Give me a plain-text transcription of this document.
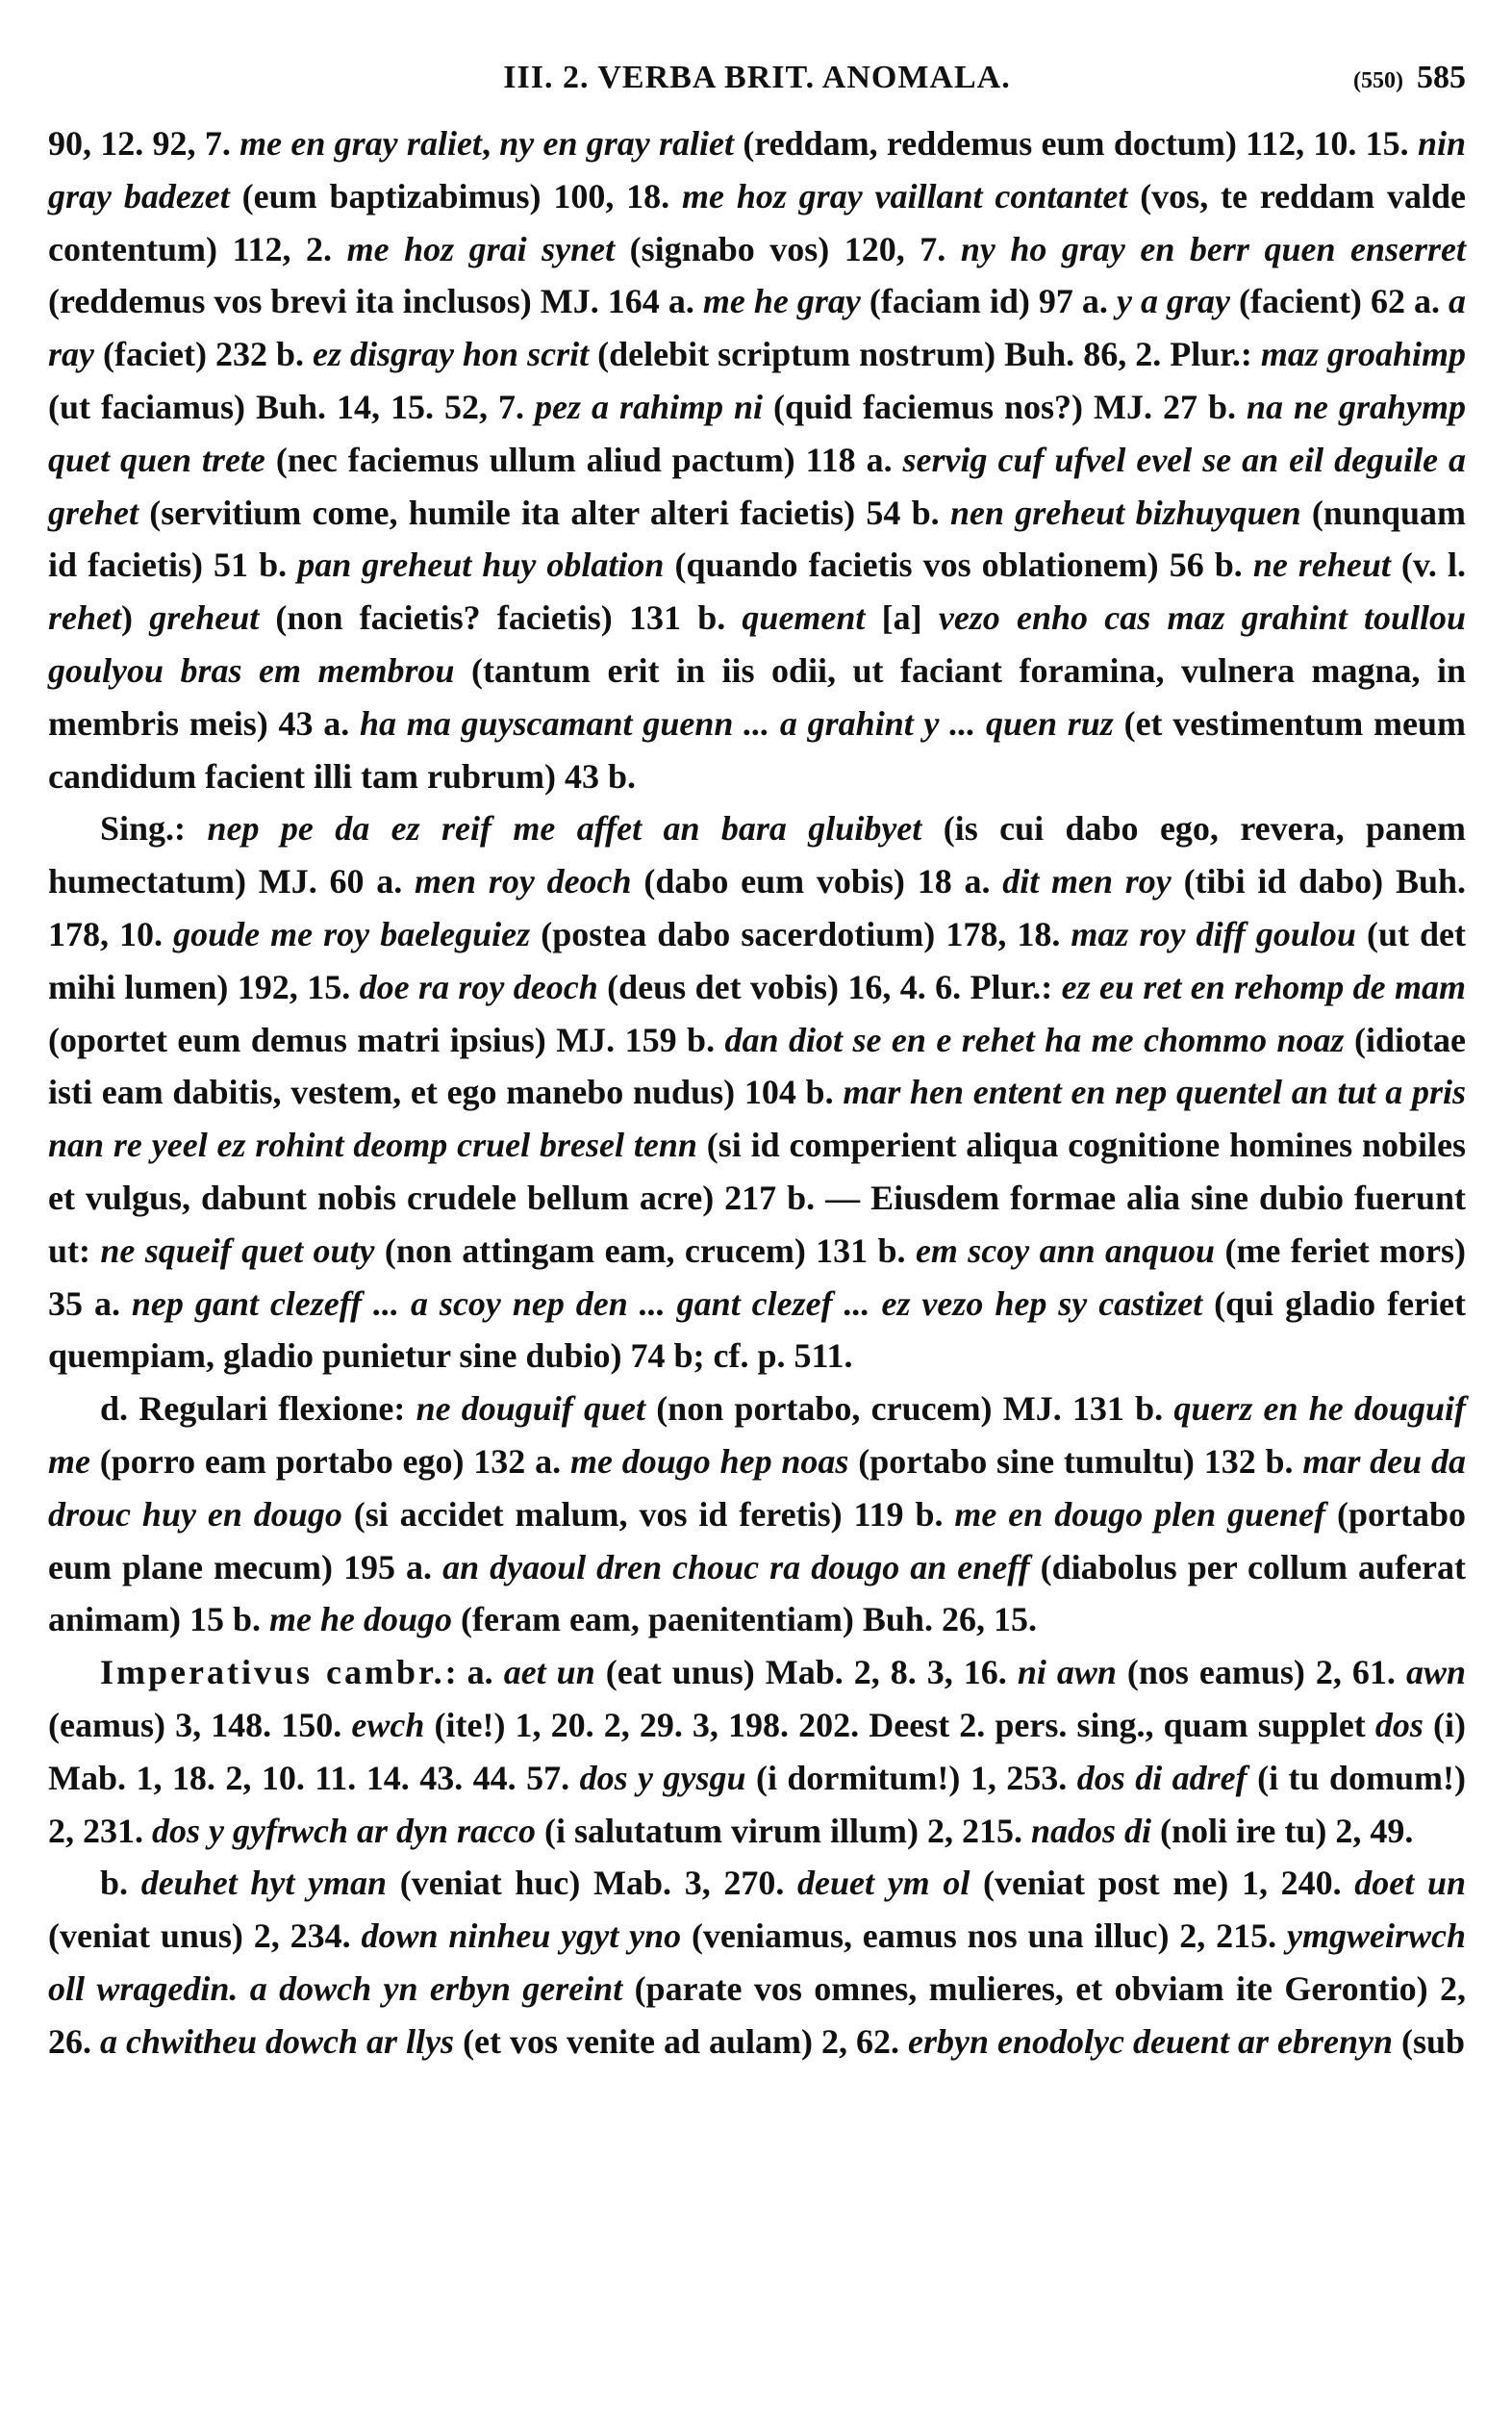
III. 2. VERBA BRIT. ANOMALA.	(550) 585

90, 12. 92, 7. me en gray raliet, ny en gray raliet (reddam, reddemus eum doctum) 112, 10. 15. nin gray badezet (eum baptizabimus) 100, 18. me hoz gray vaillant contantet (vos, te reddam valde contentum) 112, 2. me hoz grai synet (signabo vos) 120, 7. ny ho gray en berr quen enserret (reddemus vos brevi ita inclusos) MJ. 164 a. me he gray (faciam id) 97 a. y a gray (facient) 62 a. a ray (faciet) 232 b. ez disgray hon scrit (delebit scriptum nostrum) Buh. 86, 2. Plur.: maz groahimp (ut faciamus) Buh. 14, 15. 52, 7. pez a rahimp ni (quid faciemus nos?) MJ. 27 b. na ne grahymp quet quen trete (nec faciemus ullum aliud pactum) 118 a. servig cuf ufvel evel se an eil deguile a grehet (servitium come, humile ita alter alteri facietis) 54 b. nen greheut bizhuyquen (nunquam id facietis) 51 b. pan greheut huy oblation (quando facietis vos oblationem) 56 b. ne reheut (v. l. rehet) greheut (non facietis? facietis) 131 b. quement [a] vezo enho cas maz grahint toullou goulyou bras em membrou (tantum erit in iis odii, ut faciant foramina, vulnera magna, in membris meis) 43 a. ha ma guyscamant guenn ... a grahint y ... quen ruz (et vestimentum meum candidum facient illi tam rubrum) 43 b.

Sing.: nep pe da ez reif me affet an bara gluibyet (is cui dabo ego, revera, panem humectatum) MJ. 60 a. men roy deoch (dabo eum vobis) 18 a. dit men roy (tibi id dabo) Buh. 178, 10. goude me roy baeleguiez (postea dabo sacerdotium) 178, 18. maz roy diff goulou (ut det mihi lumen) 192, 15. doe ra roy deoch (deus det vobis) 16, 4. 6. Plur.: ez eu ret en rehomp de mam (oportet eum demus matri ipsius) MJ. 159 b. dan diot se en e rehet ha me chommo noaz (idiotae isti eam dabitis, vestem, et ego manebo nudus) 104 b. mar hen entent en nep quentel an tut a pris nan re yeel ez rohint deomp cruel bresel tenn (si id comperient aliqua cognitione homines nobiles et vulgus, dabunt nobis crudele bellum acre) 217 b. — Eiusdem formae alia sine dubio fuerunt ut: ne squeif quet outy (non attingam eam, crucem) 131 b. em scoy ann anquou (me feriet mors) 35 a. nep gant clezeff ... a scoy nep den ... gant clezef ... ez vezo hep sy castizet (qui gladio feriet quempiam, gladio punietur sine dubio) 74 b; cf. p. 511.

d. Regulari flexione: ne douguif quet (non portabo, crucem) MJ. 131 b. querz en he douguif me (porro eam portabo ego) 132 a. me dougo hep noas (portabo sine tumultu) 132 b. mar deu da drouc huy en dougo (si accidet malum, vos id feretis) 119 b. me en dougo plen guenef (portabo eum plane mecum) 195 a. an dyaoul dren chouc ra dougo an eneff (diabolus per collum auferat animam) 15 b. me he dougo (feram eam, paenitentiam) Buh. 26, 15.

Imperativus cambr.: a. aet un (eat unus) Mab. 2, 8. 3, 16. ni awn (nos eamus) 2, 61. awn (eamus) 3, 148. 150. ewch (ite!) 1, 20. 2, 29. 3, 198. 202. Deest 2. pers. sing., quam supplet dos (i) Mab. 1, 18. 2, 10. 11. 14. 43. 44. 57. dos y gysgu (i dormitum!) 1, 253. dos di adref (i tu domum!) 2, 231. dos y gyfrwch ar dyn racco (i salutatum virum illum) 2, 215. nados di (noli ire tu) 2, 49.

b. deuhet hyt yman (veniat huc) Mab. 3, 270. deuet ym ol (veniat post me) 1, 240. doet un (veniat unus) 2, 234. down ninheu ygyt yno (veniamus, eamus nos una illuc) 2, 215. ymgweirwch oll wragedin. a dowch yn erbyn gereint (parate vos omnes, mulieres, et obviam ite Gerontio) 2, 26. a chwitheu dowch ar llys (et vos venite ad aulam) 2, 62. erbyn enodolyc deuent ar ebrenyn (sub
